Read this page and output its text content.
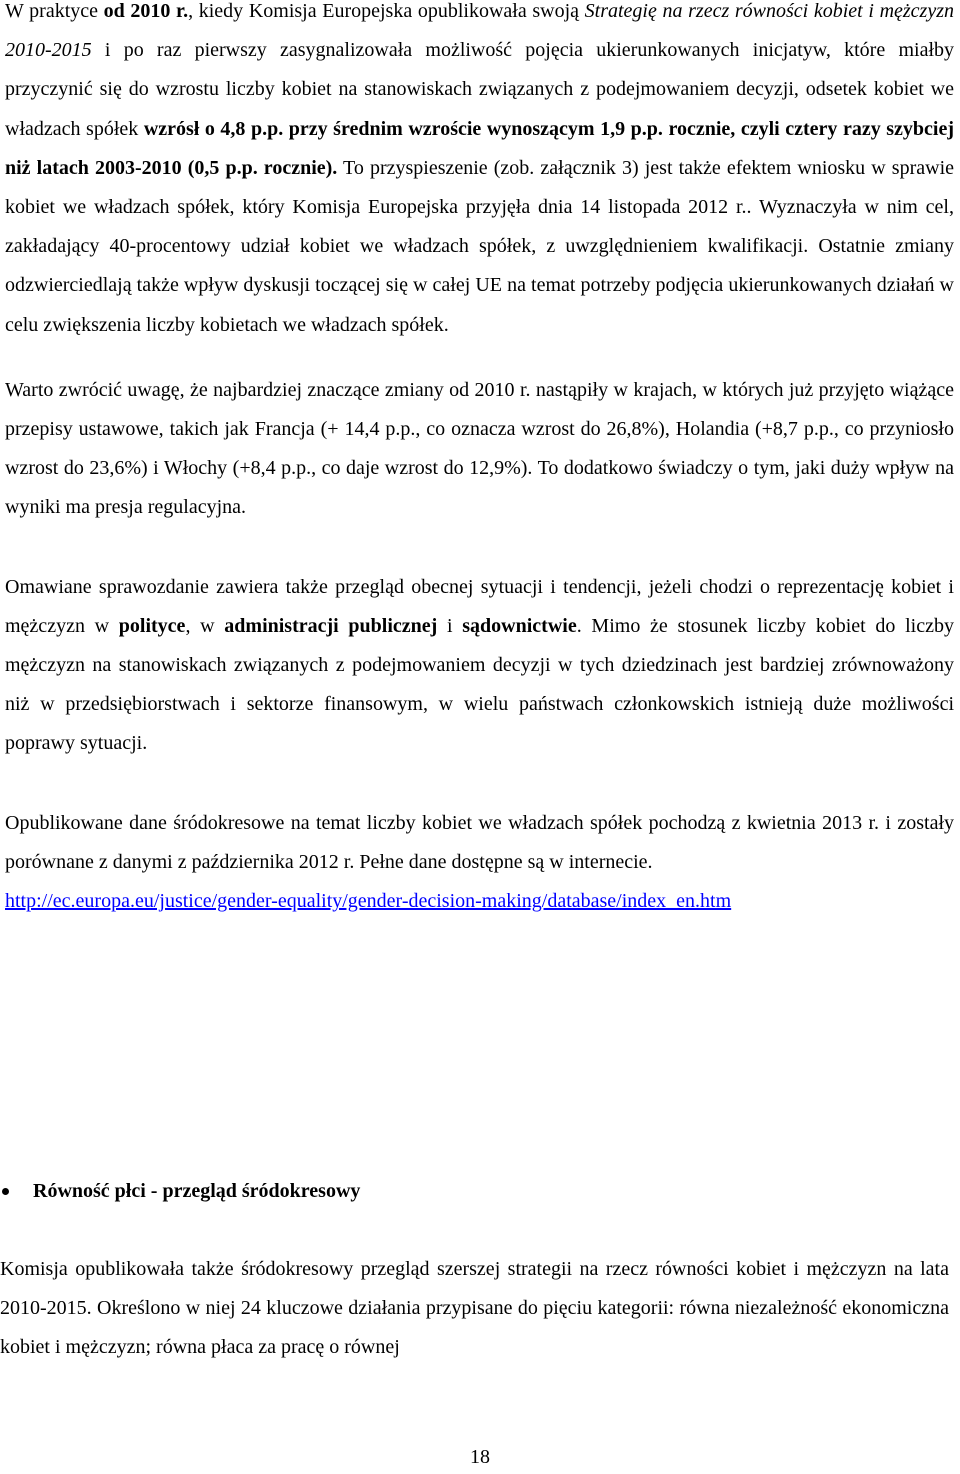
W praktyce od 2010 r., kiedy Komisja Europejska opublikowała swoją Strategię na rzecz równości kobiet i mężczyzn 2010-2015 i po raz pierwszy zasygnalizowała możliwość pojęcia ukierunkowanych inicjatyw, które miałby przyczynić się do wzrostu liczby kobiet na stanowiskach związanych z podejmowaniem decyzji, odsetek kobiet we władzach spółek wzrósł o 4,8 p.p. przy średnim wzroście wynoszącym 1,9 p.p. rocznie, czyli cztery razy szybciej niż latach 2003-2010 (0,5 p.p. rocznie). To przyspieszenie (zob. załącznik 3) jest także efektem wniosku w sprawie kobiet we władzach spółek, który Komisja Europejska przyjęła dnia 14 listopada 2012 r.. Wyznaczyła w nim cel, zakładający 40-procentowy udział kobiet we władzach spółek, z uwzględnieniem kwalifikacji. Ostatnie zmiany odzwierciedlają także wpływ dyskusji toczącej się w całej UE na temat potrzeby podjęcia ukierunkowanych działań w celu zwiększenia liczby kobietach we władzach spółek.

Warto zwrócić uwagę, że najbardziej znaczące zmiany od 2010 r. nastąpiły w krajach, w których już przyjęto wiążące przepisy ustawowe, takich jak Francja (+ 14,4 p.p., co oznacza wzrost do 26,8%), Holandia (+8,7 p.p., co przyniosło wzrost do 23,6%) i Włochy (+8,4 p.p., co daje wzrost do 12,9%). To dodatkowo świadczy o tym, jaki duży wpływ na wyniki ma presja regulacyjna.

Omawiane sprawozdanie zawiera także przegląd obecnej sytuacji i tendencji, jeżeli chodzi o reprezentację kobiet i mężczyzn w polityce, w administracji publicznej i sądownictwie. Mimo że stosunek liczby kobiet do liczby mężczyzn na stanowiskach związanych z podejmowaniem decyzji w tych dziedzinach jest bardziej zrównoważony niż w przedsiębiorstwach i sektorze finansowym, w wielu państwach członkowskich istnieją duże możliwości poprawy sytuacji.

Opublikowane dane śródokresowe na temat liczby kobiet we władzach spółek pochodzą z kwietnia 2013 r. i zostały porównane z danymi z października 2012 r. Pełne dane dostępne są w internecie.
http://ec.europa.eu/justice/gender-equality/gender-decision-making/database/index_en.htm

Równość płci - przegląd śródokresowy

Komisja opublikowała także śródokresowy przegląd szerszej strategii na rzecz równości kobiet i mężczyzn na lata 2010-2015. Określono w niej 24 kluczowe działania przypisane do pięciu kategorii: równa niezależność ekonomiczna kobiet i mężczyzn; równa płaca za pracę o równej

18
